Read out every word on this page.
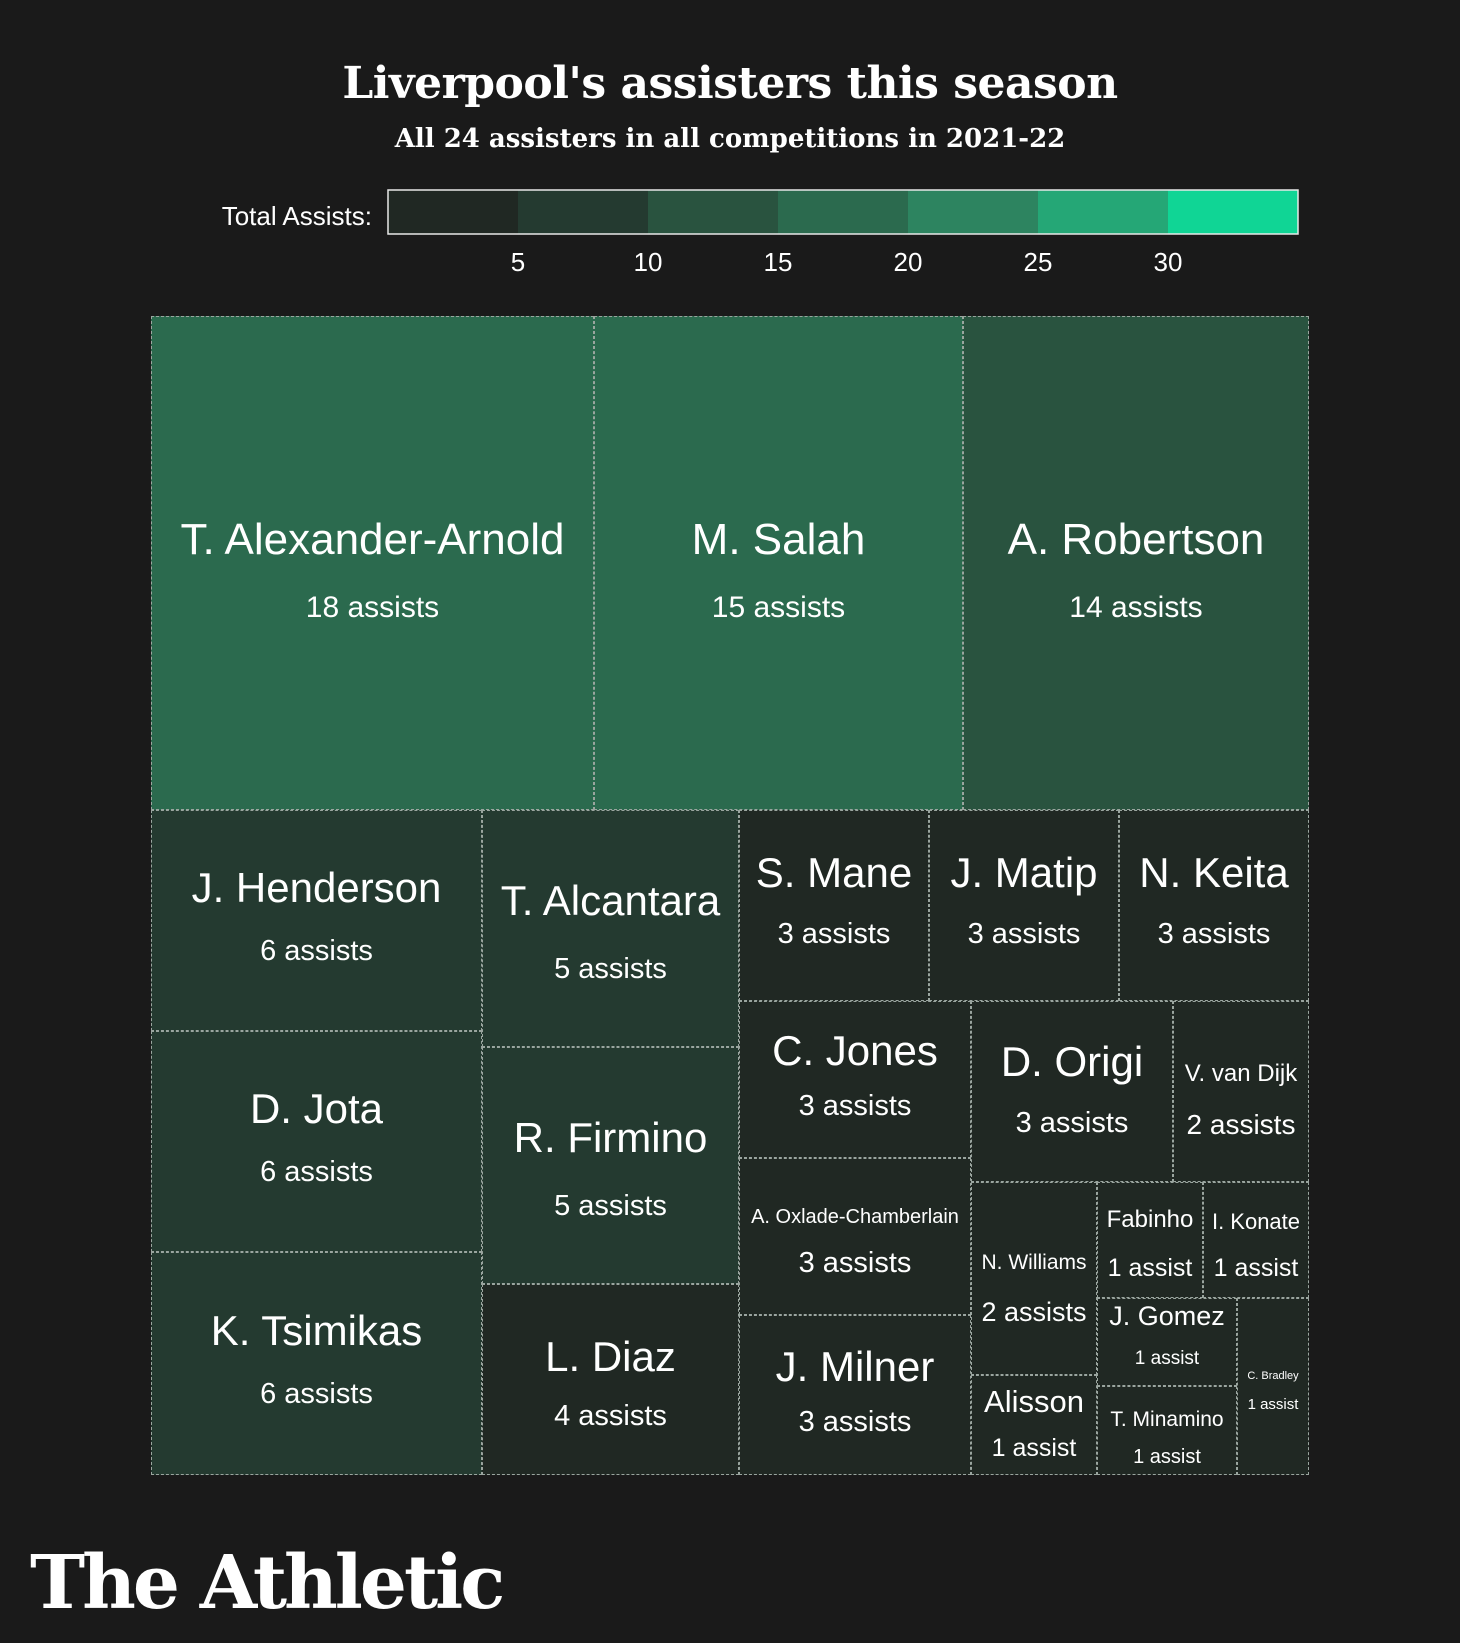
Liverpool's assisters this season
All 24 assisters in all competitions in 2021-22
Total Assists:
5	10	15	20	25	30
T. Alexander-Arnold
18 assists
M. Salah
15 assists
A. Robertson
14 assists
J. Henderson
6 assists
D. Jota
6 assists
K. Tsimikas
6 assists
T. Alcantara
5 assists
R. Firmino
5 assists
L. Diaz
4 assists
S. Mane
3 assists
J. Matip
3 assists
N. Keita
3 assists
C. Jones
3 assists
D. Origi
3 assists
V. van Dijk
2 assists
A. Oxlade-Chamberlain
3 assists
J. Milner
3 assists
N. Williams
2 assists
Alisson
1 assist
Fabinho
1 assist
I. Konate
1 assist
J. Gomez
1 assist
T. Minamino
1 assist
C. Bradley
1 assist
The Athletic
